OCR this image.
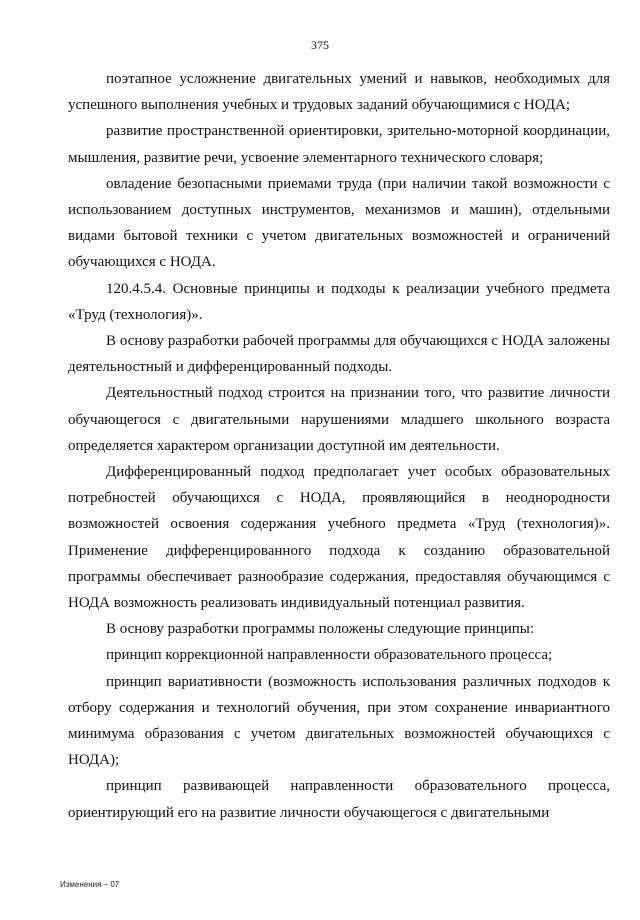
375

поэтапное усложнение двигательных умений и навыков, необходимых для успешного выполнения учебных и трудовых заданий обучающимися с НОДА;

развитие пространственной ориентировки, зрительно-моторной координации, мышления, развитие речи, усвоение элементарного технического словаря;

овладение безопасными приемами труда (при наличии такой возможности с использованием доступных инструментов, механизмов и машин), отдельными видами бытовой техники с учетом двигательных возможностей и ограничений обучающихся с НОДА.

120.4.5.4. Основные принципы и подходы к реализации учебного предмета «Труд (технология)».

В основу разработки рабочей программы для обучающихся с НОДА заложены деятельностный и дифференцированный подходы.

Деятельностный подход строится на признании того, что развитие личности обучающегося с двигательными нарушениями младшего школьного возраста определяется характером организации доступной им деятельности.

Дифференцированный подход предполагает учет особых образовательных потребностей обучающихся с НОДА, проявляющийся в неоднородности возможностей освоения содержания учебного предмета «Труд (технология)». Применение дифференцированного подхода к созданию образовательной программы обеспечивает разнообразие содержания, предоставляя обучающимся с НОДА возможность реализовать индивидуальный потенциал развития.

В основу разработки программы положены следующие принципы:

принцип коррекционной направленности образовательного процесса;

принцип вариативности (возможность использования различных подходов к отбору содержания и технологий обучения, при этом сохранение инвариантного минимума образования с учетом двигательных возможностей обучающихся с НОДА);

принцип развивающей направленности образовательного процесса, ориентирующий его на развитие личности обучающегося с двигательными

Изменения – 07
